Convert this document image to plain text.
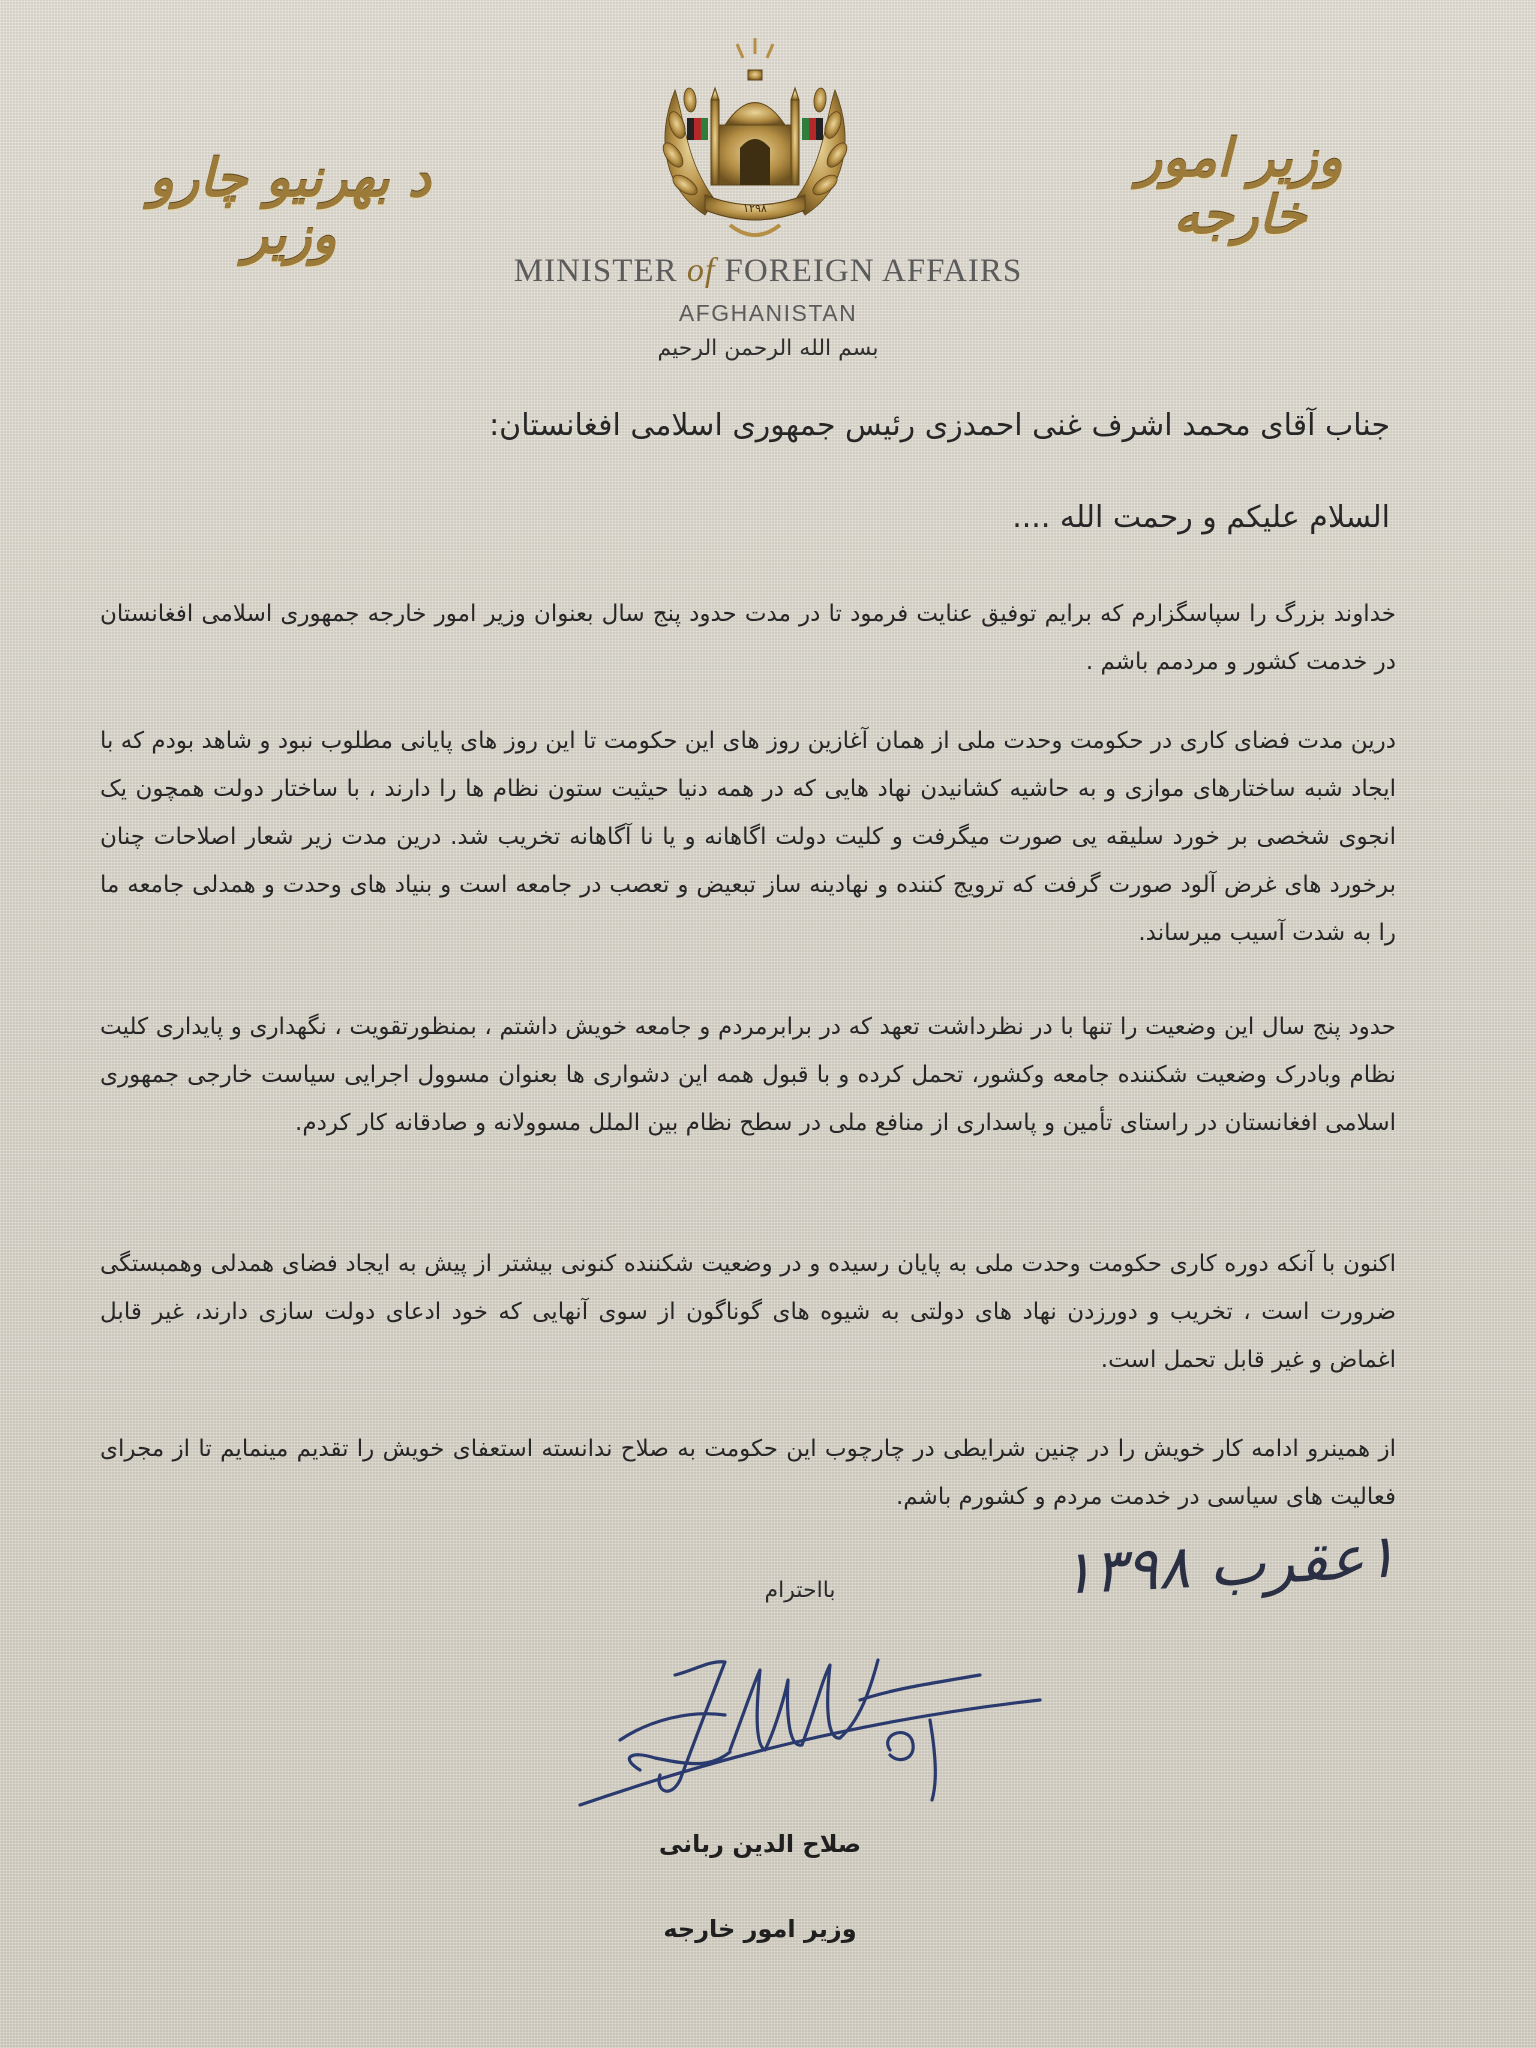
د بهرنیو چارو وزیر
وزیر امور خارجه
۱۲۹۸
MINISTER of FOREIGN AFFAIRS
AFGHANISTAN
بسم الله الرحمن الرحیم
جناب آقای محمد اشرف غنی احمدزی رئیس جمهوری اسلامی افغانستان:
السلام علیکم و رحمت الله ....
خداوند بزرگ را سپاسگزارم که برایم توفیق عنایت فرمود تا در مدت حدود پنج سال بعنوان وزیر امور خارجه جمهوری اسلامی افغانستان در خدمت کشور و مردمم باشم .
درین مدت فضای کاری در حکومت وحدت ملی از همان آغازین روز های این حکومت تا این روز های پایانی مطلوب نبود و شاهد بودم که با ایجاد شبه ساختارهای موازی و به حاشیه کشانیدن نهاد هایی که در همه دنیا حیثیت ستون نظام ها را دارند ، با ساختار دولت همچون یک انجوی شخصی بر خورد سلیقه یی صورت میگرفت و کلیت دولت اگاهانه و یا نا آگاهانه تخریب شد. درین مدت زیر شعار اصلاحات چنان برخورد های غرض آلود صورت گرفت که ترویج کننده و نهادینه ساز تبعیض و تعصب در جامعه است و بنیاد های وحدت و همدلی جامعه ما را به شدت آسیب میرساند.
حدود پنج سال این وضعیت را تنها با در نظرداشت تعهد که در برابرمردم و جامعه خویش داشتم ، بمنظورتقویت ، نگهداری و پایداری کلیت نظام وبادرک وضعیت شکننده جامعه وکشور، تحمل کرده و با قبول همه این دشواری ها بعنوان مسوول اجرایی سیاست خارجی جمهوری اسلامی افغانستان در راستای تأمین و پاسداری از منافع ملی در سطح نظام بین الملل مسوولانه و صادقانه کار کردم.
اکنون با آنکه دوره کاری حکومت وحدت ملی به پایان رسیده و در وضعیت شکننده کنونی بیشتر از پیش به ایجاد فضای همدلی وهمبستگی ضرورت است ، تخریب و دورزدن نهاد های دولتی به شیوه های گوناگون از سوی آنهایی که خود ادعای دولت سازی دارند، غیر قابل اغماض و غیر قابل تحمل است.
از همینرو ادامه کار خویش را در چنین شرایطی در چارچوب این حکومت به صلاح ندانسته استعفای خویش را تقدیم مینمایم تا از مجرای فعالیت های سیاسی در خدمت مردم و کشورم باشم.
۱عقرب ۱۳۹۸
بااحترام
صلاح الدین ربانی
وزیر امور خارجه
